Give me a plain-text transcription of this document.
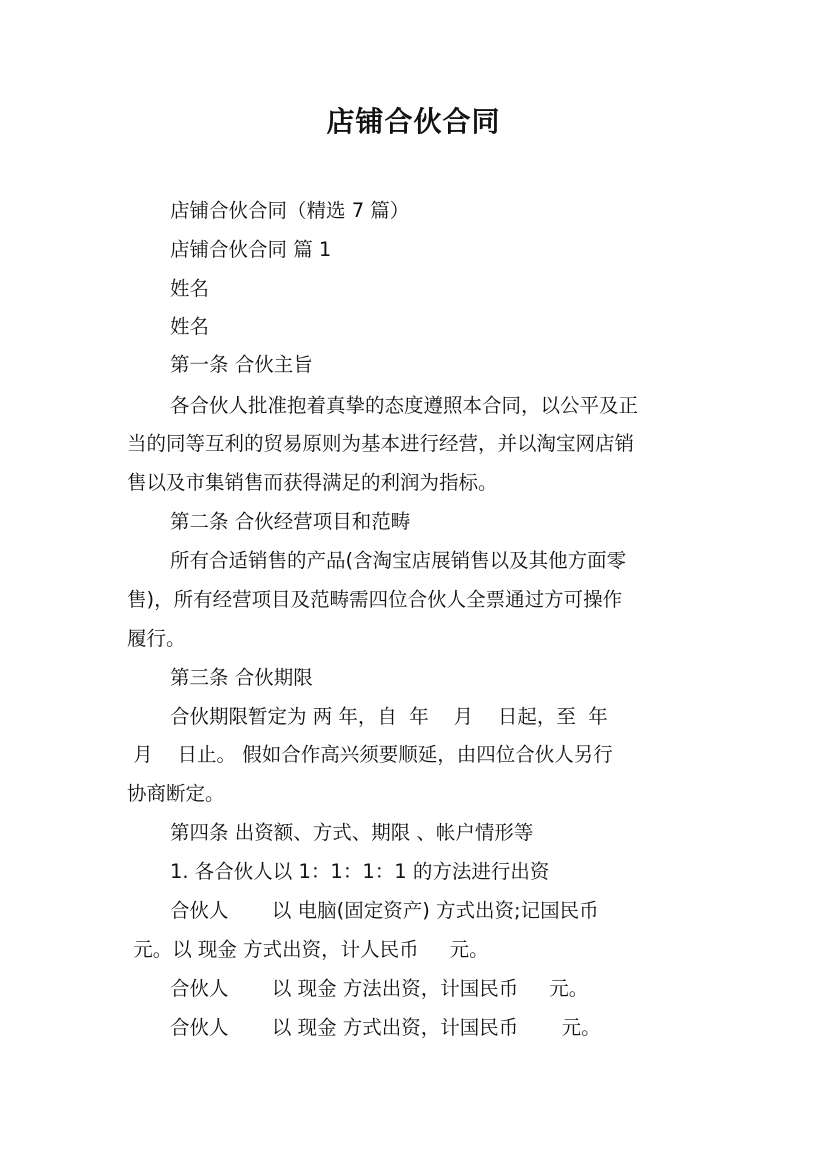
店铺合伙合同
店铺合伙合同（精选 7 篇）
店铺合伙合同 篇 1
姓名
姓名
第一条 合伙主旨
各合伙人批准抱着真挚的态度遵照本合同，以公平及正
当的同等互利的贸易原则为基本进行经营，并以淘宝网店销
售以及市集销售而获得满足的利润为指标。
第二条 合伙经营项目和范畴
所有合适销售的产品(含淘宝店展销售以及其他方面零
售)，所有经营项目及范畴需四位合伙人全票通过方可操作
履行。
第三条 合伙期限
合伙期限暂定为 两 年，自  年    月    日起，至  年
月    日止。 假如合作高兴须要顺延，由四位合伙人另行
协商断定。
第四条 出资额、方式、期限 、帐户情形等
1. 各合伙人以 1：1：1：1 的方法进行出资
合伙人       以 电脑(固定资产) 方式出资;记国民币
元。以 现金 方式出资，计人民币     元。
合伙人       以 现金 方法出资，计国民币     元。
合伙人       以 现金 方式出资，计国民币       元。
